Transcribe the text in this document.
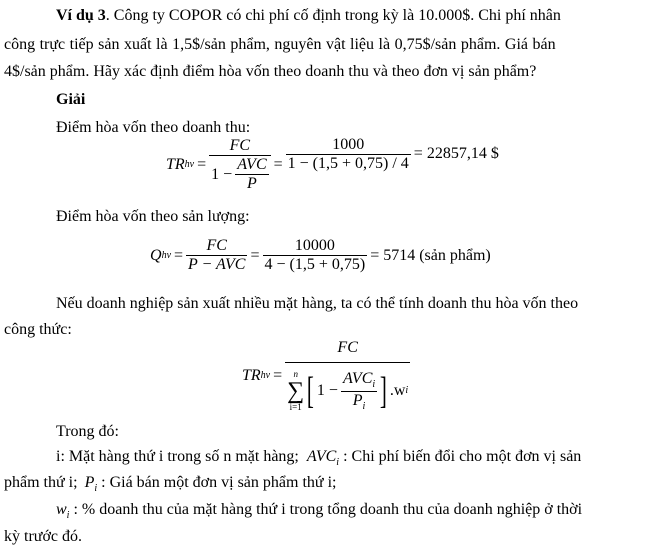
Ví dụ 3. Công ty COPOR có chi phí cố định trong kỳ là 10.000$. Chi phí nhân
công trực tiếp sản xuất là 1,5$/sản phẩm, nguyên vật liệu là 0,75$/sản phẩm. Giá bán
4$/sản phẩm. Hãy xác định điểm hòa vốn theo doanh thu và theo đơn vị sản phẩm?
Giải
Điểm hòa vốn theo doanh thu:
TR hv = $\frac{FC}{1 - \frac{\text{AVC}}{P}} = \frac{1000}{1 - (1,5 + 0,75) / 4} = 22857,14$ $
Điểm hòa vốn theo sản lượng:
Q hv = $\frac{FC}{\text{P − AVC}} = \frac{10000}{4 - (1,5 + 0,75)} = 5714$ (sản phẩm)
Nếu doanh nghiệp sản xuất nhiều mặt hàng, ta có thể tính doanh thu hòa vốn theo
công thức:
TR hv =
FC
n
∑
i=1 [ $1 - \frac{AVC_i}{P_i}$ ] .w i
Trong đó:
i: Mặt hàng thứ i trong số n mặt hàng; $AVC_i$ : Chi phí biến đổi cho một đơn vị sản
phẩm thứ i; $P_i$ : Giá bán một đơn vị sản phẩm thứ i;
$w_i$ : % doanh thu của mặt hàng thứ i trong tổng doanh thu của doanh nghiệp ở thời
kỳ trước đó.
